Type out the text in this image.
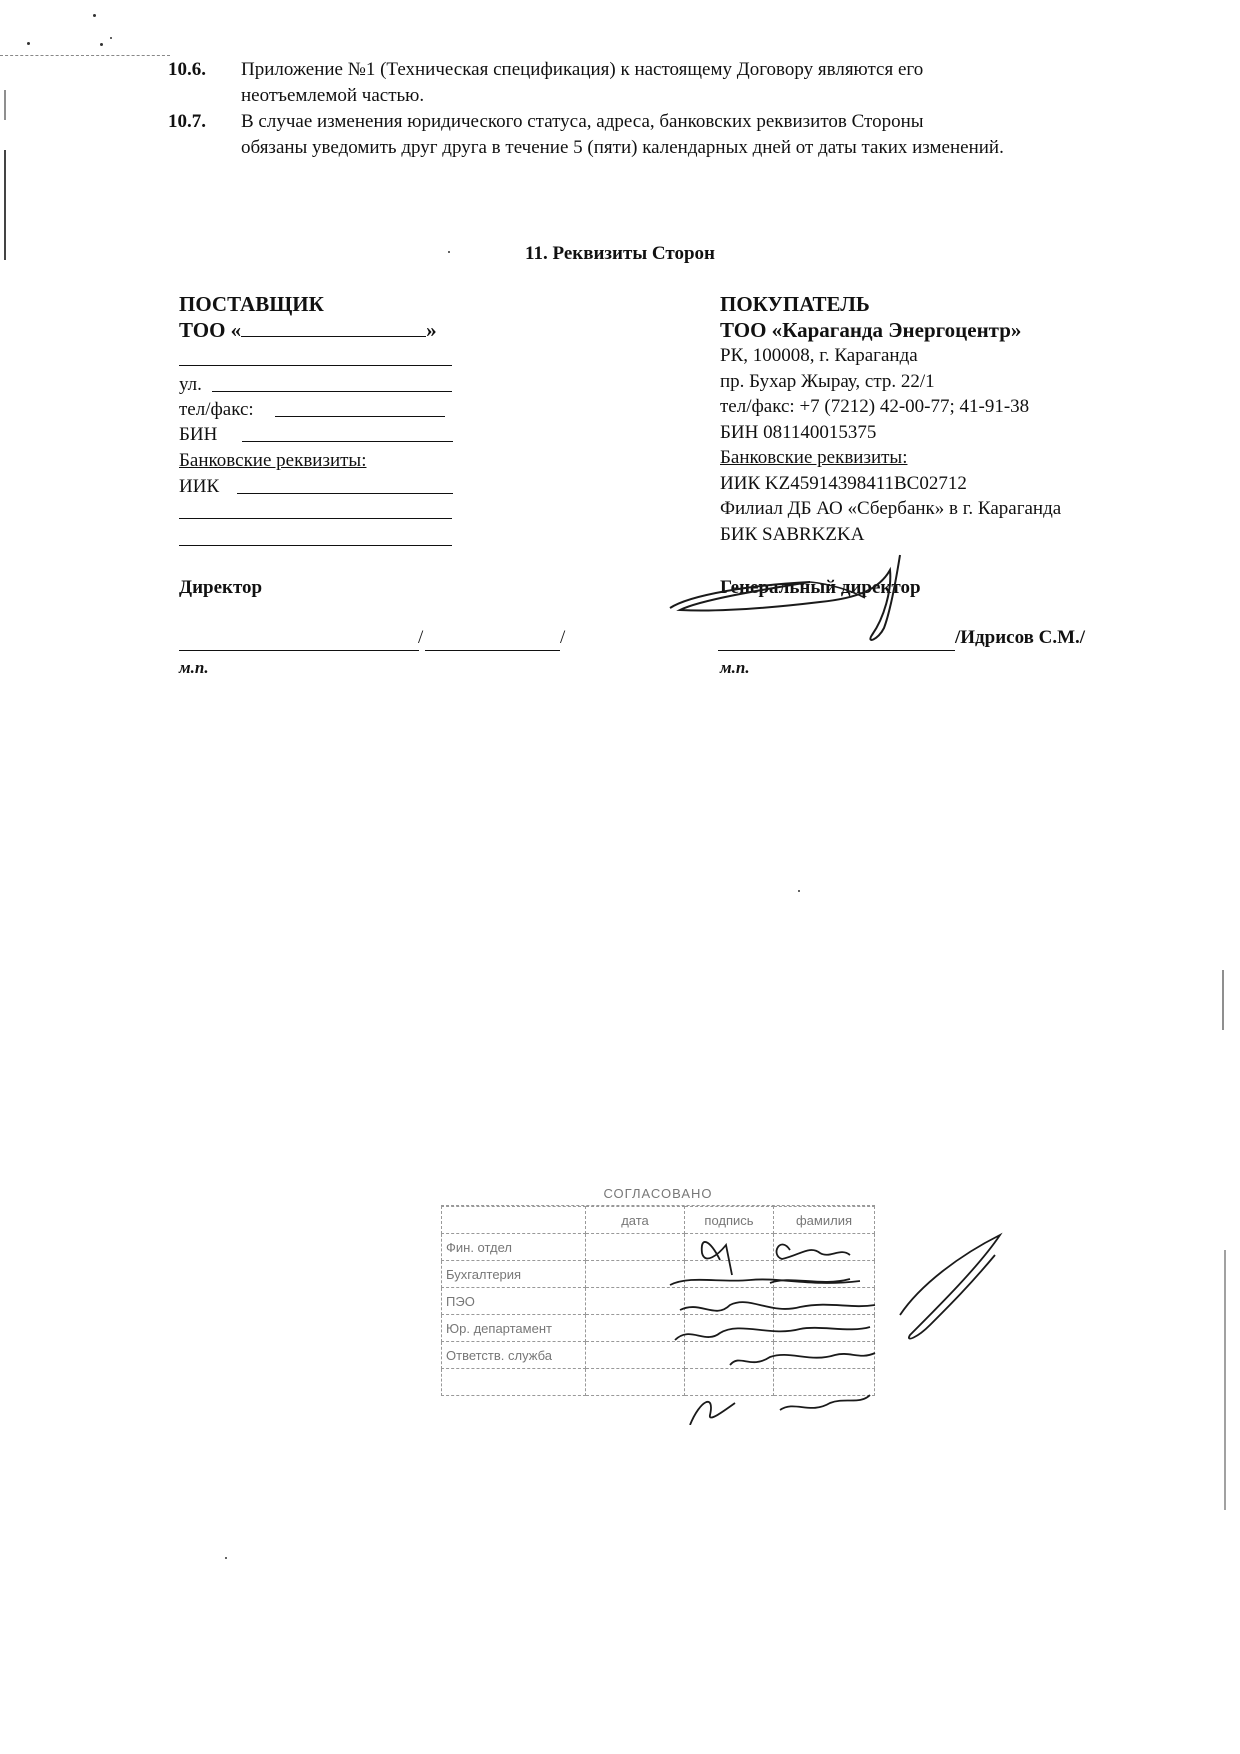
10.6. Приложение №1 (Техническая спецификация) к настоящему Договору являются его
неотъемлемой частью.
10.7. В случае изменения юридического статуса, адреса, банковских реквизитов Стороны
обязаны уведомить друг друга в течение 5 (пяти) календарных дней от даты таких изменений.
11. Реквизиты Сторон
ПОСТАВЩИК
ТОО «	»
ул.
тел/факс:
БИН
Банковские реквизиты:
ИИК
Директор
/	/
м.п.
ПОКУПАТЕЛЬ
ТОО «Караганда Энергоцентр»
РК, 100008, г. Караганда
пр. Бухар Жырау, стр. 22/1
тел/факс: +7 (7212) 42-00-77; 41-91-38
БИН 081140015375
Банковские реквизиты:
ИИК KZ45914398411BC02712
Филиал ДБ АО «Сбербанк» в г. Караганда
БИК SABRKZKA
Генеральный директор
/Идрисов С.М./
м.п.
СОГЛАСОВАНО
	дата	подпись	фамилия
Фин. отдел			
Бухгалтерия			
ПЭО			
Юр. департамент			
Ответств. служба			
